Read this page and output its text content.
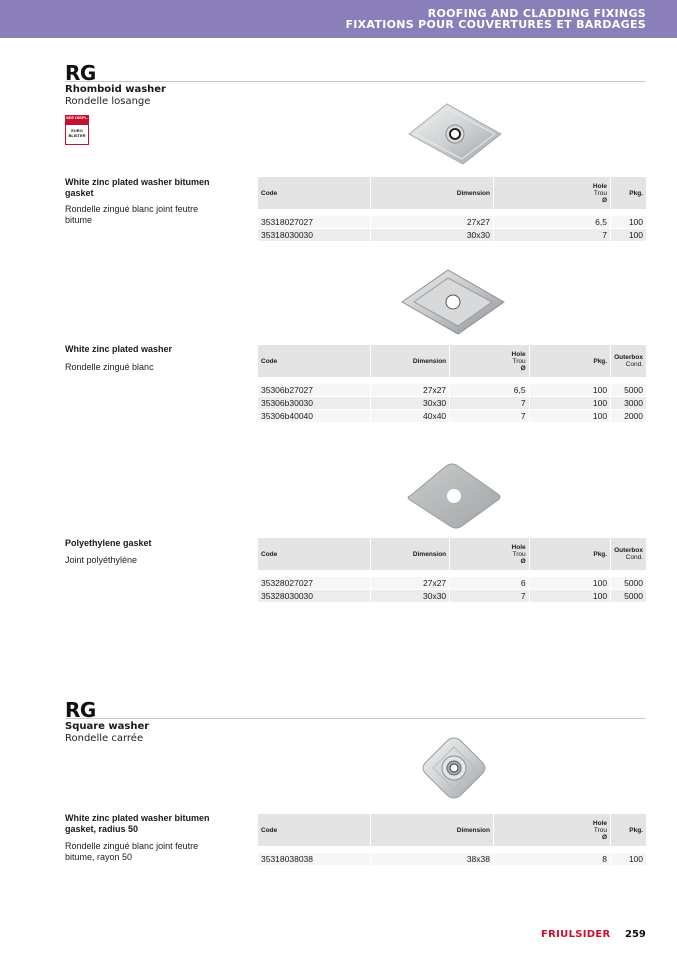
ROOFING AND CLADDING FIXINGS
FIXATIONS POUR COUVERTURES ET BARDAGES
RG
Rhomboid washer
Rondelle losange
SEE DISPL.
EURO BLISTER
White zinc plated washer bitumen gasket
Rondelle zingué blanc joint feutre bitume
Code	Dimension	Hole
Trou
Ø	Pkg.

35318027027	27x27	6,5	100
35318030030	30x30	7	100
White zinc plated washer
Rondelle zingué blanc
Code	Dimension	Hole
Trou
Ø	Pkg.	Outerbox
Cond.

35306b27027	27x27	6,5	100	5000
35306b30030	30x30	7	100	3000
35306b40040	40x40	7	100	2000
Polyethylene gasket
Joint polyéthylène
Code	Dimension	Hole
Trou
Ø	Pkg.	Outerbox
Cond.

35328027027	27x27	6	100	5000
35328030030	30x30	7	100	5000
RG
Square washer
Rondelle carrée
White zinc plated washer bitumen gasket, radius 50
Rondelle zingué blanc joint feutre bitume, rayon 50
Code	Dimension	Hole
Trou
Ø	Pkg.

35318038038	38x38	8	100
FRIULSIDER 259
